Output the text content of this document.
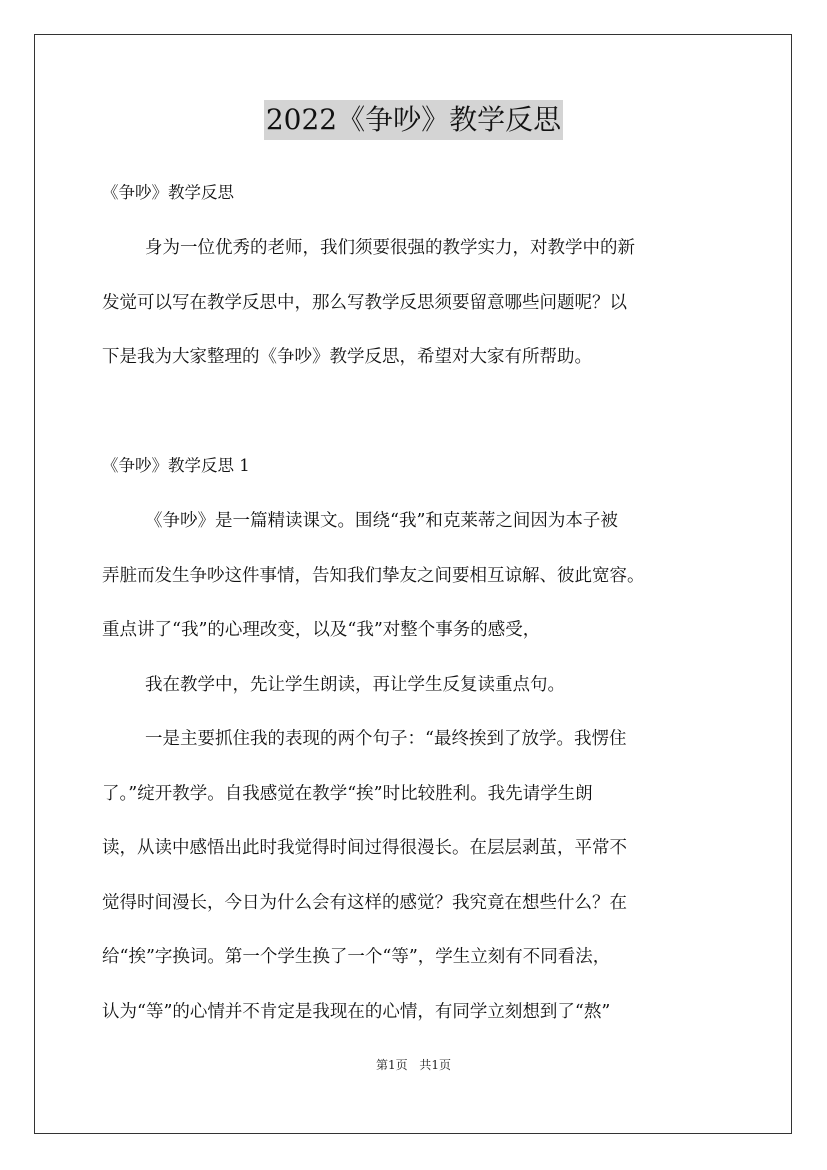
2022《争吵》教学反思
《争吵》教学反思
身为一位优秀的老师，我们须要很强的教学实力，对教学中的新
发觉可以写在教学反思中，那么写教学反思须要留意哪些问题呢？以
下是我为大家整理的《争吵》教学反思，希望对大家有所帮助。
《争吵》教学反思 1
《争吵》是一篇精读课文。围绕“我”和克莱蒂之间因为本子被
弄脏而发生争吵这件事情，告知我们挚友之间要相互谅解、彼此宽容。
重点讲了“我”的心理改变，以及“我”对整个事务的感受，
我在教学中，先让学生朗读，再让学生反复读重点句。
一是主要抓住我的表现的两个句子：“最终挨到了放学。我愣住
了。”绽开教学。自我感觉在教学“挨”时比较胜利。我先请学生朗
读，从读中感悟出此时我觉得时间过得很漫长。在层层剥茧，平常不
觉得时间漫长，今日为什么会有这样的感觉？我究竟在想些什么？在
给“挨”字换词。第一个学生换了一个“等”，学生立刻有不同看法，
认为“等”的心情并不肯定是我现在的心情，有同学立刻想到了“熬”
第1页 共1页
